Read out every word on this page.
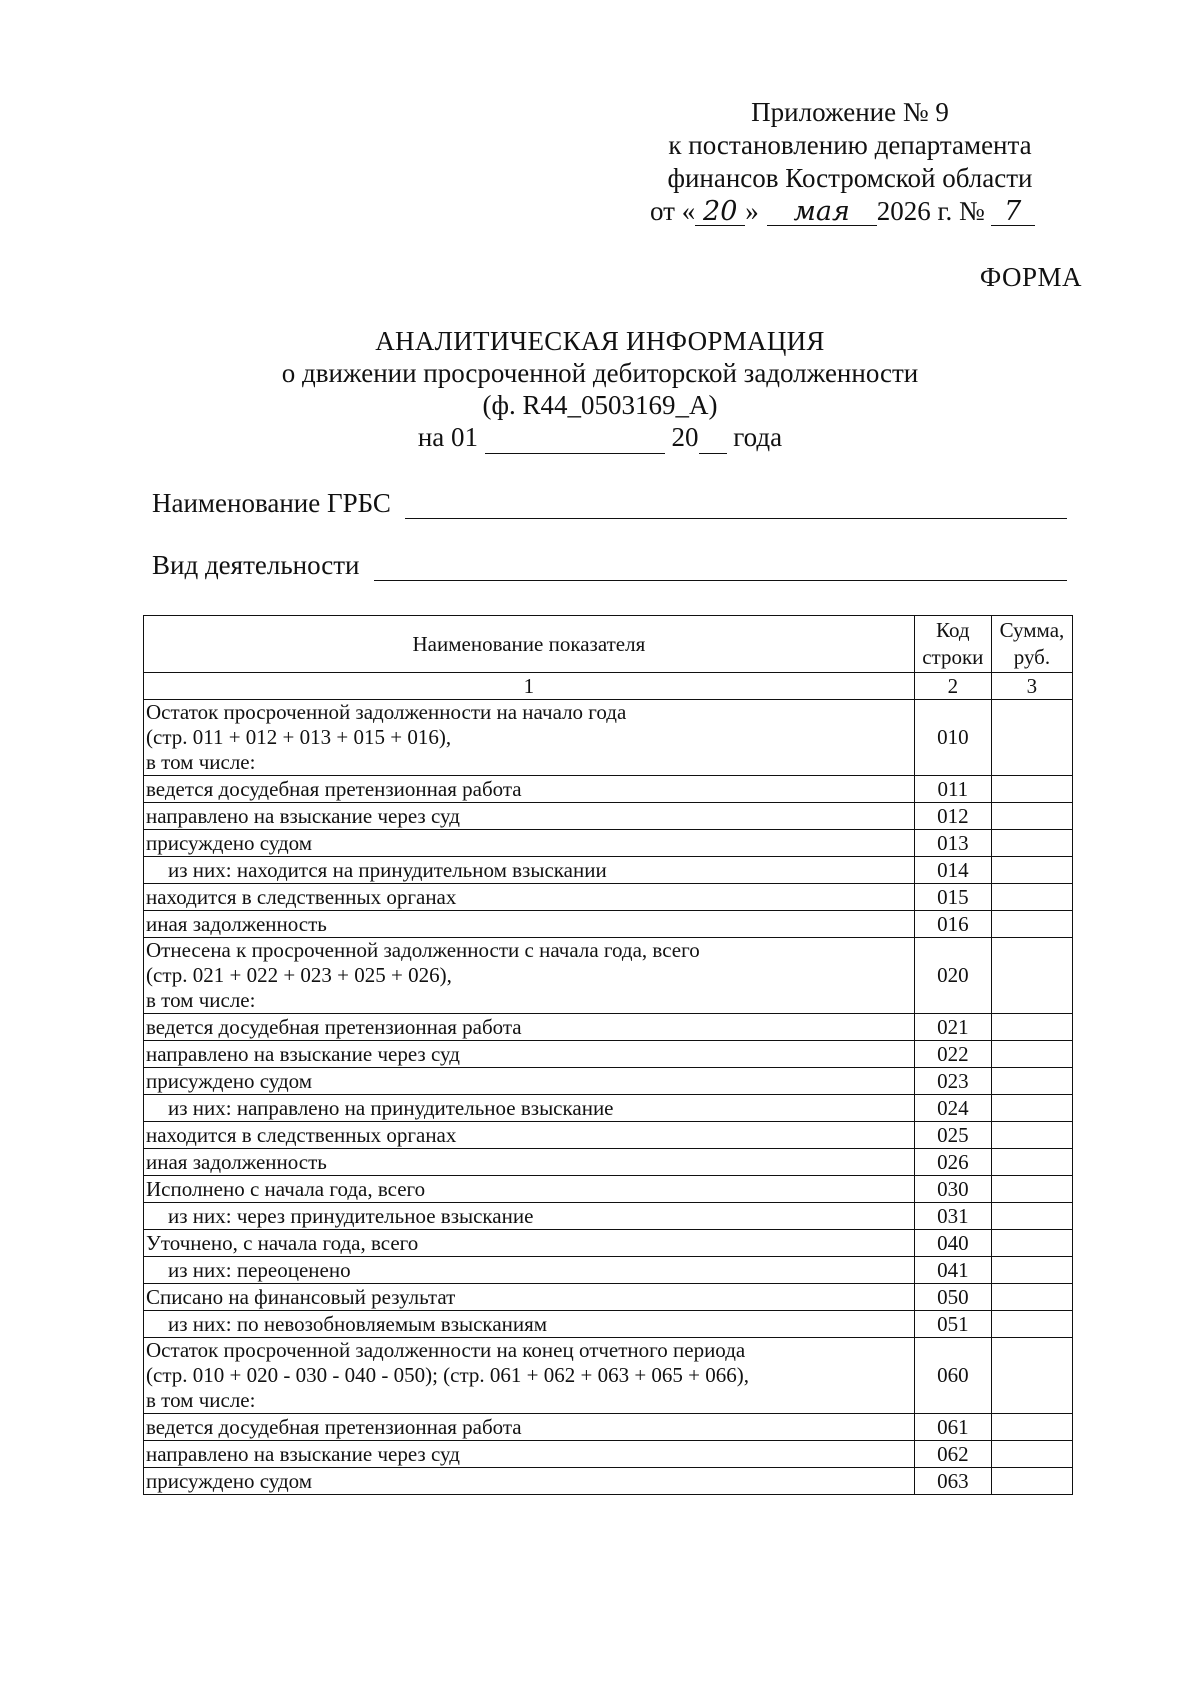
Приложение № 9
к постановлению департамента
финансов Костромской области
от « 20 » мая 2026 г. № 7
ФОРМА
АНАЛИТИЧЕСКАЯ ИНФОРМАЦИЯ
о движении просроченной дебиторской задолженности
(ф. R44_0503169_А)
на 01	20 года
Наименование ГРБС
Вид деятельности
Наименование показателя	Код строки	Сумма, руб.
1	2	3
Остаток просроченной задолженности на начало года
(стр. 011 + 012 + 013 + 015 + 016),
в том числе:	010	
ведется досудебная претензионная работа	011	
направлено на взыскание через суд	012	
присуждено судом	013	
из них: находится на принудительном взыскании	014	
находится в следственных органах	015	
иная задолженность	016	
Отнесена к просроченной задолженности с начала года, всего
(стр. 021 + 022 + 023 + 025 + 026),
в том числе:	020	
ведется досудебная претензионная работа	021	
направлено на взыскание через суд	022	
присуждено судом	023	
из них: направлено на принудительное взыскание	024	
находится в следственных органах	025	
иная задолженность	026	
Исполнено с начала года, всего	030	
из них: через принудительное взыскание	031	
Уточнено, с начала года, всего	040	
из них: переоценено	041	
Списано на финансовый результат	050	
из них: по невозобновляемым взысканиям	051	
Остаток просроченной задолженности на конец отчетного периода
(стр. 010 + 020 - 030 - 040 - 050); (стр. 061 + 062 + 063 + 065 + 066),
в том числе:	060	
ведется досудебная претензионная работа	061	
направлено на взыскание через суд	062	
присуждено судом	063	
